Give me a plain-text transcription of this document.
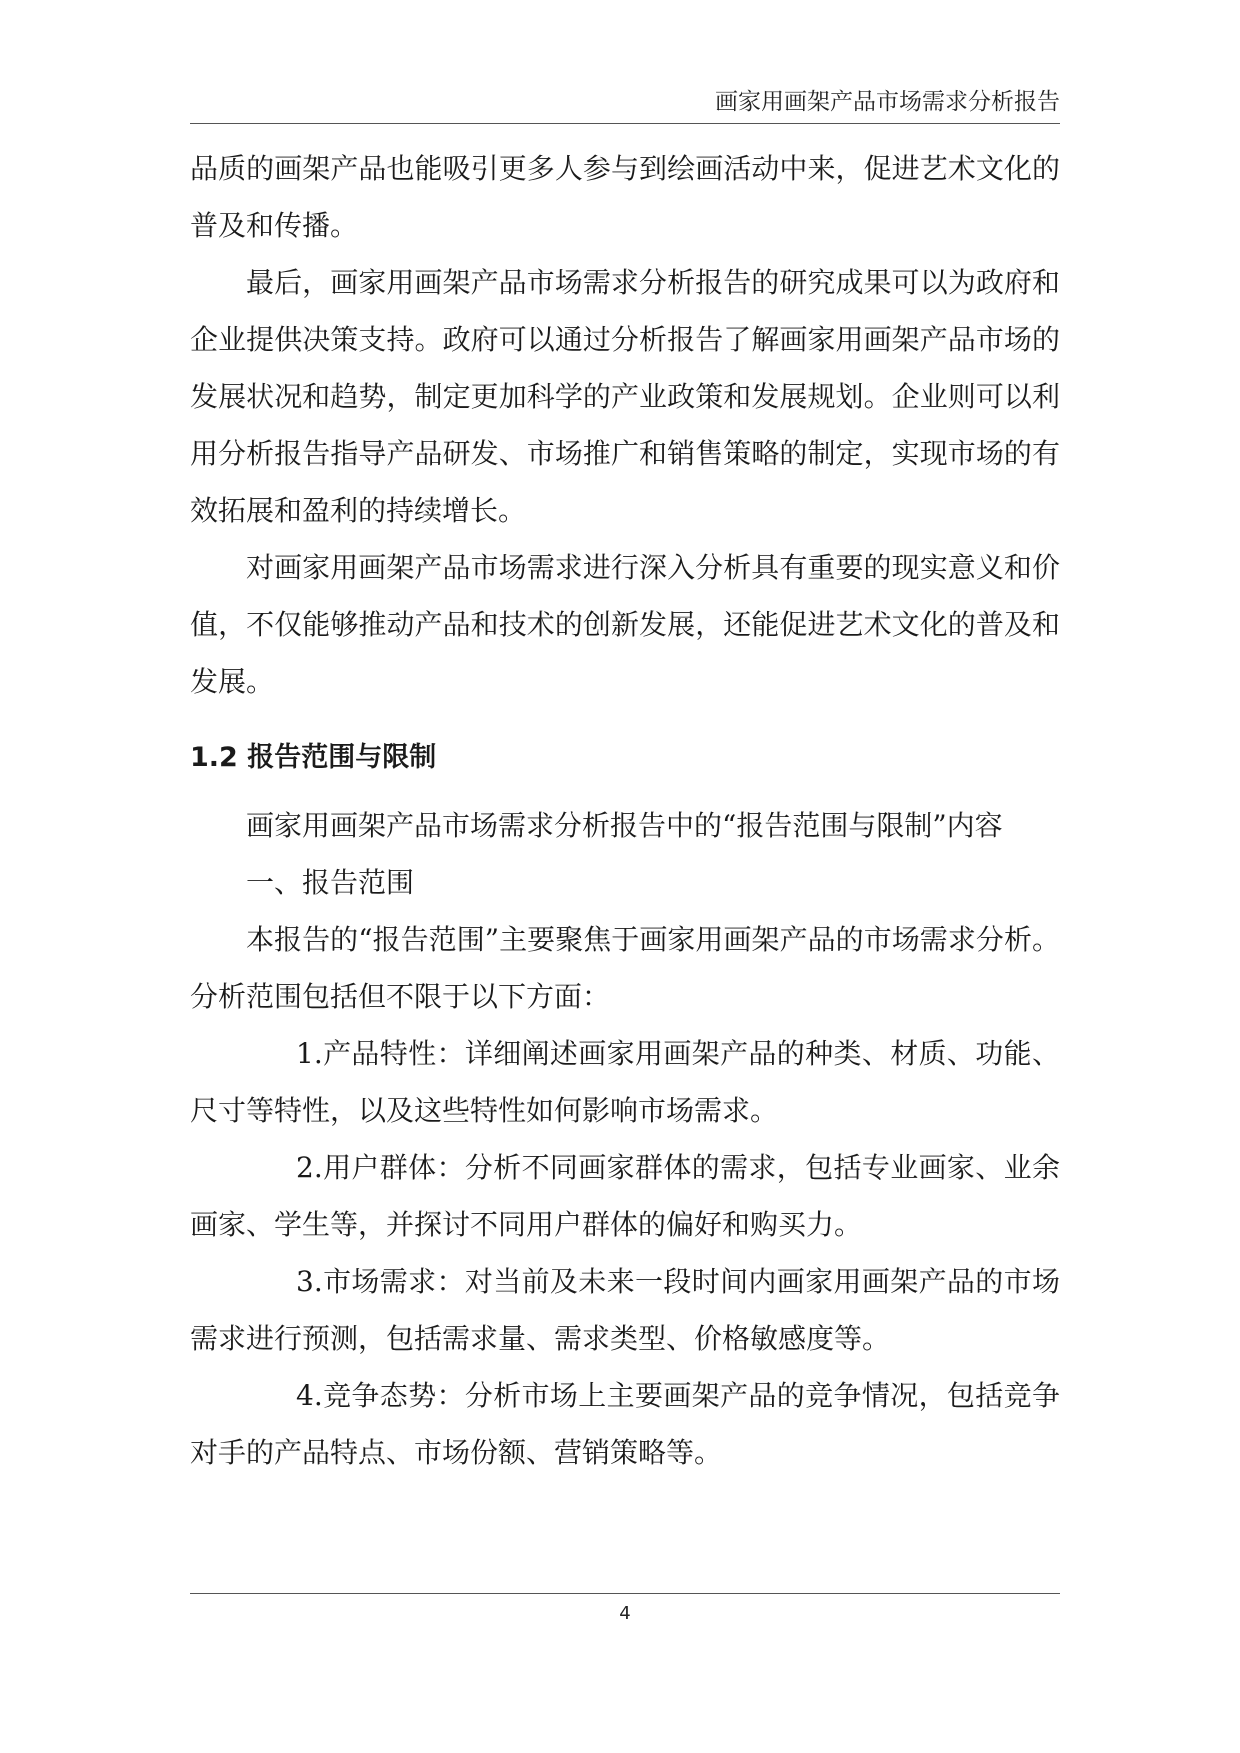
画家用画架产品市场需求分析报告

品质的画架产品也能吸引更多人参与到绘画活动中来，促进艺术文化的普及和传播。

最后，画家用画架产品市场需求分析报告的研究成果可以为政府和企业提供决策支持。政府可以通过分析报告了解画家用画架产品市场的发展状况和趋势，制定更加科学的产业政策和发展规划。企业则可以利用分析报告指导产品研发、市场推广和销售策略的制定，实现市场的有效拓展和盈利的持续增长。

对画家用画架产品市场需求进行深入分析具有重要的现实意义和价值，不仅能够推动产品和技术的创新发展，还能促进艺术文化的普及和发展。

1.2 报告范围与限制

画家用画架产品市场需求分析报告中的“报告范围与限制”内容

一、报告范围

本报告的“报告范围”主要聚焦于画家用画架产品的市场需求分析。分析范围包括但不限于以下方面：

1.产品特性：详细阐述画家用画架产品的种类、材质、功能、尺寸等特性，以及这些特性如何影响市场需求。

2.用户群体：分析不同画家群体的需求，包括专业画家、业余画家、学生等，并探讨不同用户群体的偏好和购买力。

3.市场需求：对当前及未来一段时间内画家用画架产品的市场需求进行预测，包括需求量、需求类型、价格敏感度等。

4.竞争态势：分析市场上主要画架产品的竞争情况，包括竞争对手的产品特点、市场份额、营销策略等。

4
